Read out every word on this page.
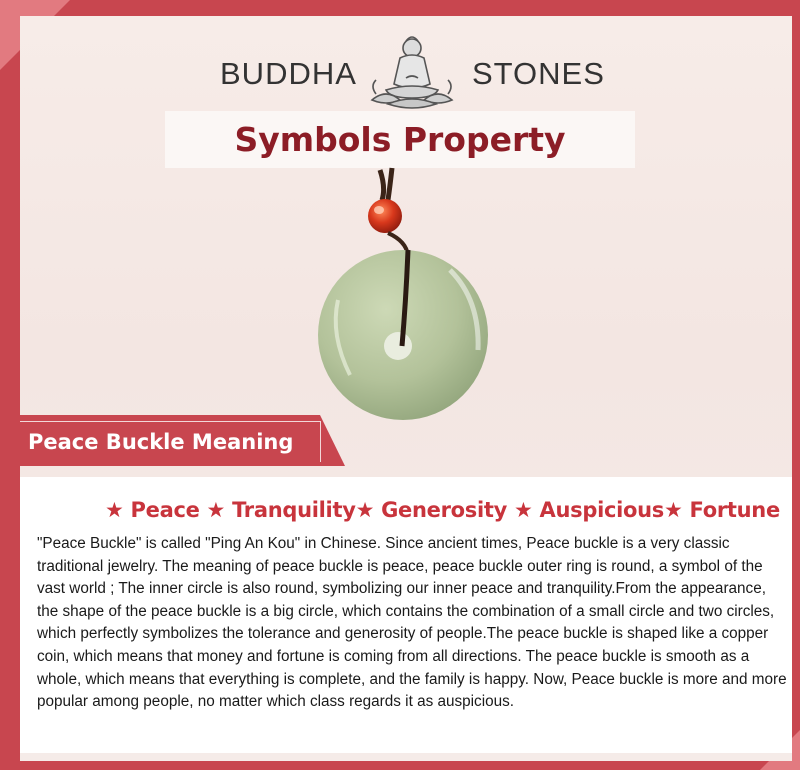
BUDDHA	STONES
Symbols Property
Peace Buckle Meaning
★ Peace ★ Tranquility★ Generosity ★ Auspicious★ Fortune
"Peace Buckle" is called "Ping An Kou" in Chinese. Since ancient times, Peace buckle is a very classic traditional jewelry. The meaning of peace buckle is peace, peace buckle outer ring is round, a symbol of the vast world ; The inner circle is also round, symbolizing our inner peace and tranquility.From the appearance, the shape of the peace buckle is a big circle, which contains the combination of a small circle and two circles, which perfectly symbolizes the tolerance and generosity of people.The peace buckle is shaped like a copper coin, which means that money and fortune is coming from all directions. The peace buckle is smooth as a whole, which means that everything is complete, and the family is happy. Now, Peace buckle is more and more popular among people, no matter which class regards it as auspicious.
